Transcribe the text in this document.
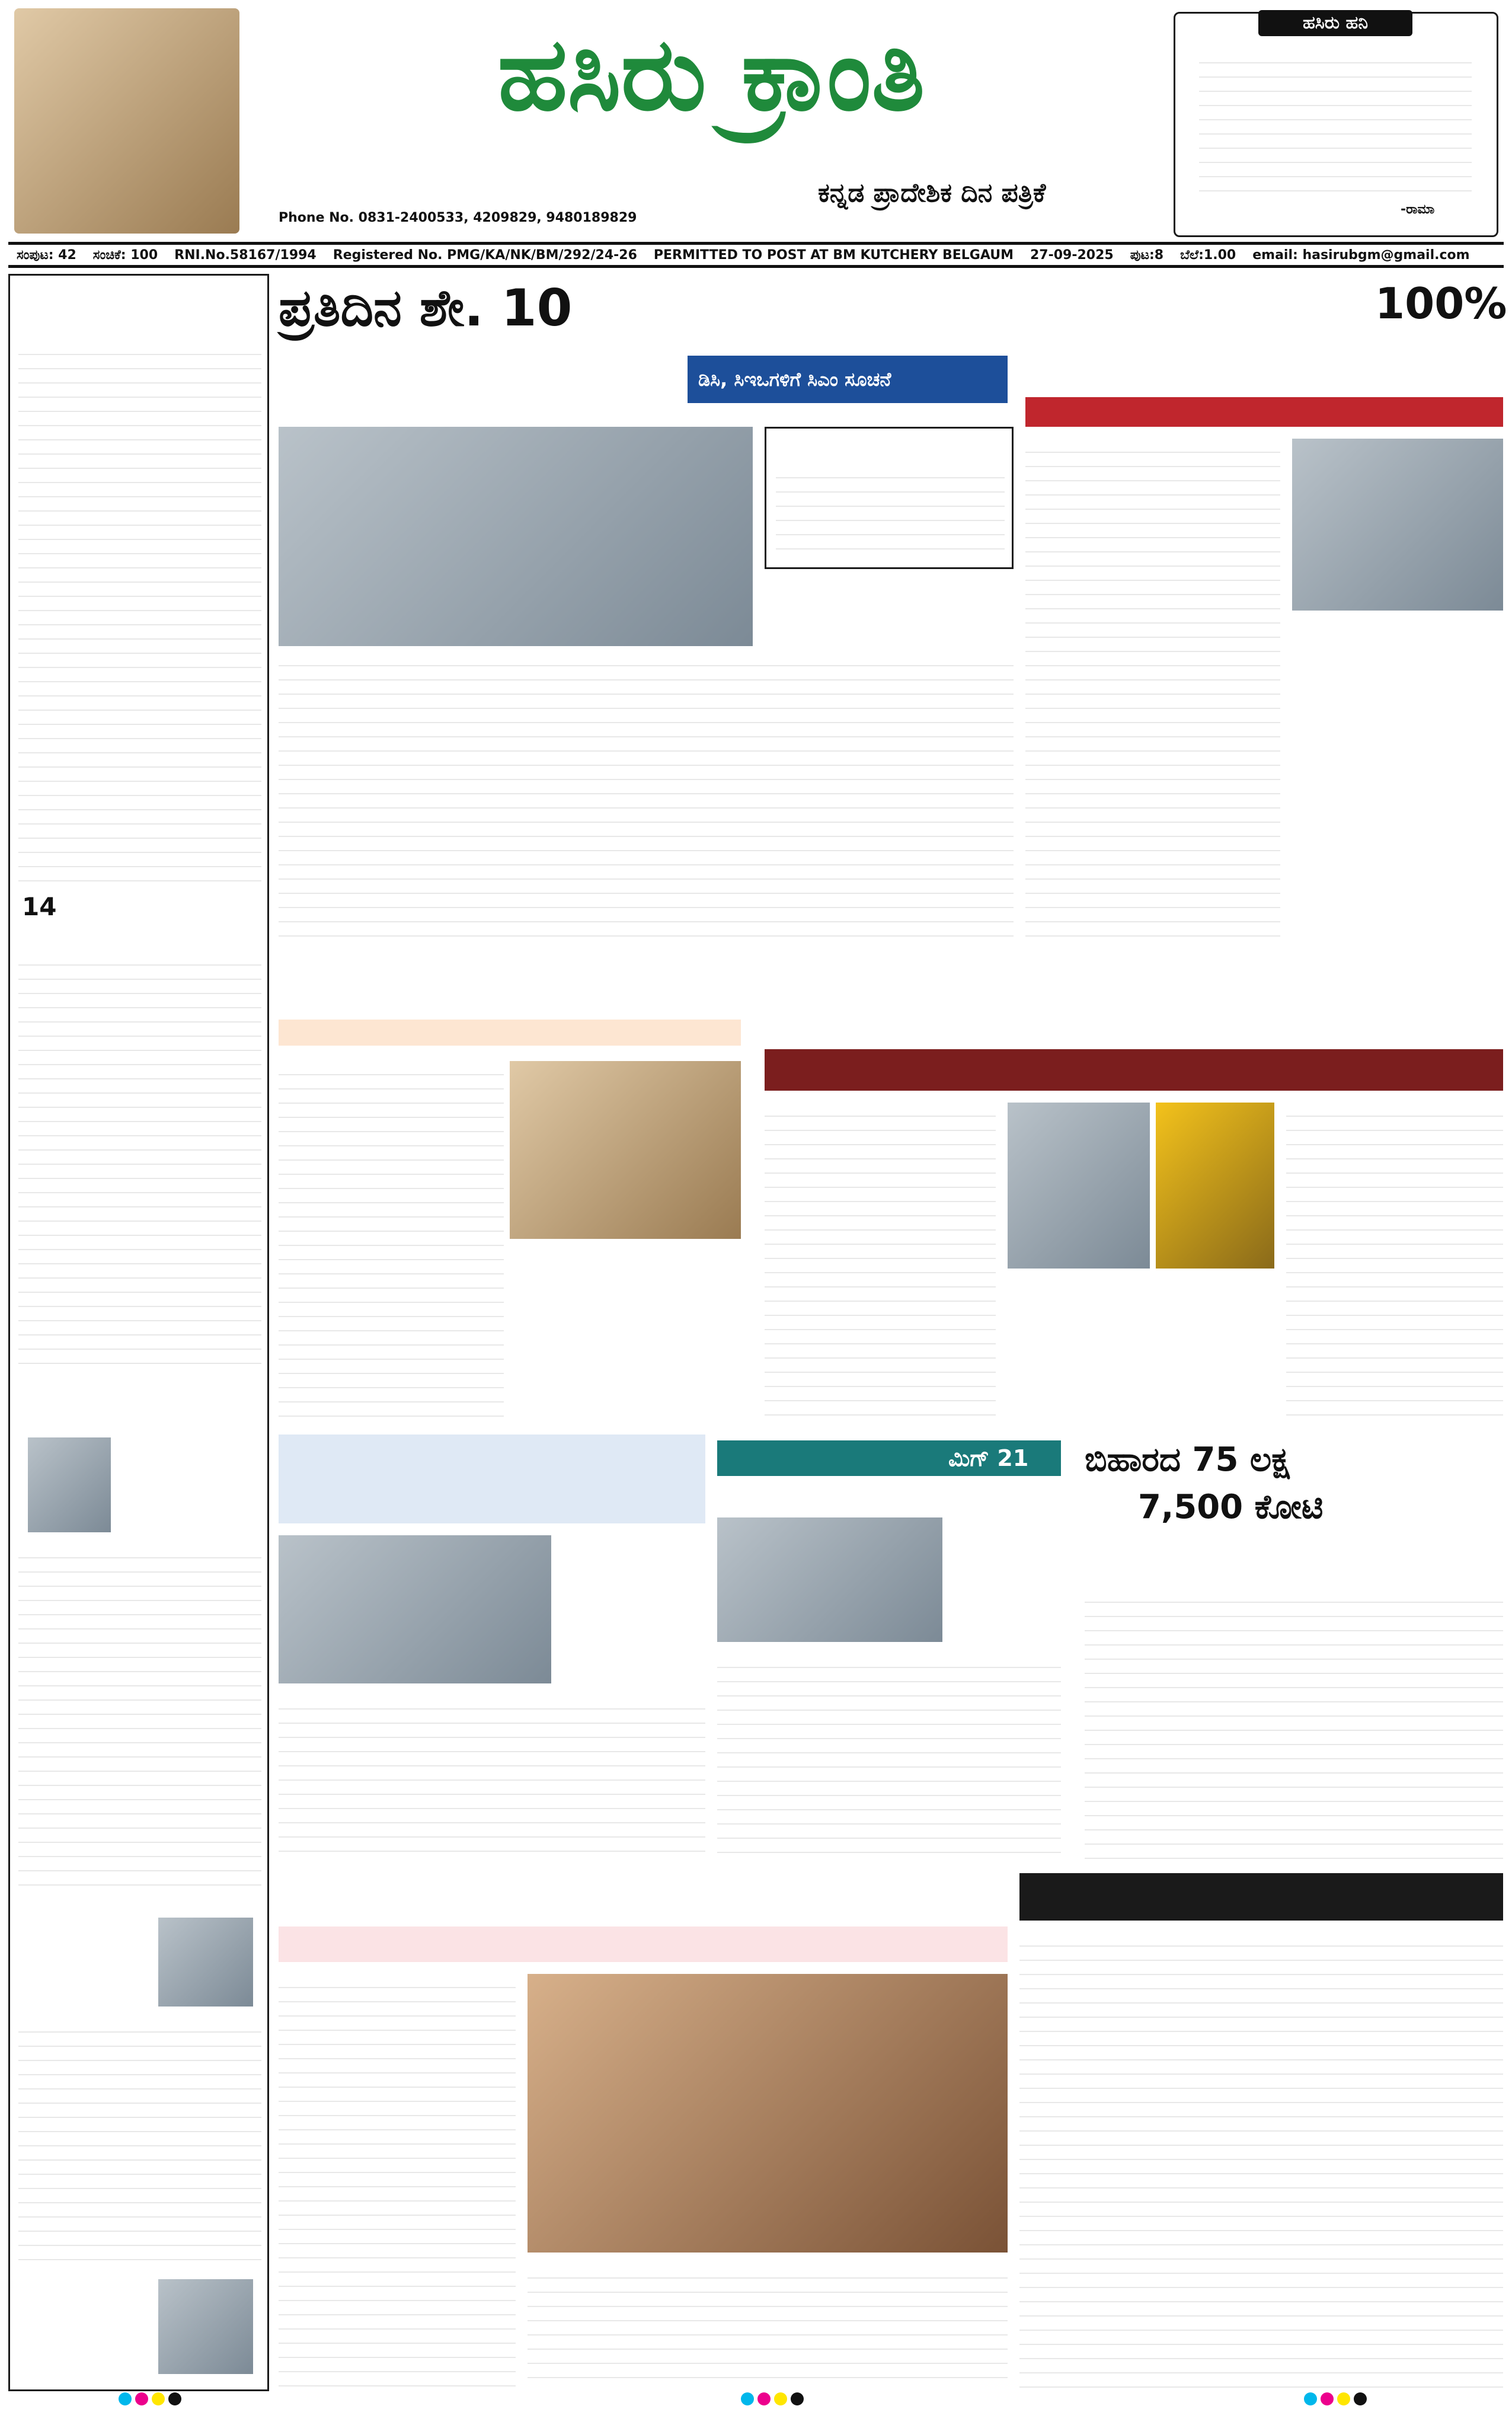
ಹಸಿರು ಕ್ರಾಂತಿ
Phone No. 0831-2400533, 4209829, 9480189829
ಕನ್ನಡ ಪ್ರಾದೇಶಿಕ ದಿನ ಪತ್ರಿಕೆ
ಹಸಿರು ಹನಿ
-ರಾಮಾ
ಸಂಪುಟ: 42 ಸಂಚಿಕೆ: 100 RNI.No.58167/1994 Registered No. PMG/KA/NK/BM/292/24-26 PERMITTED TO POST AT BM KUTCHERY BELGAUM 27-09-2025 ಪುಟ:8 ಬೆಲೆ:1.00 email: hasirubgm@gmail.com
14
ಪ್ರತಿದಿನ ಶೇ. 10
ಡಿಸಿ, ಸಿಇಒಗಳಿಗೆ ಸಿಎಂ ಸೂಚನೆ
100%
ಮಿಗ್ 21 ಬಿಹಾರದ 75 ಲಕ್ಷ
7,500 ಕೋಟಿ
